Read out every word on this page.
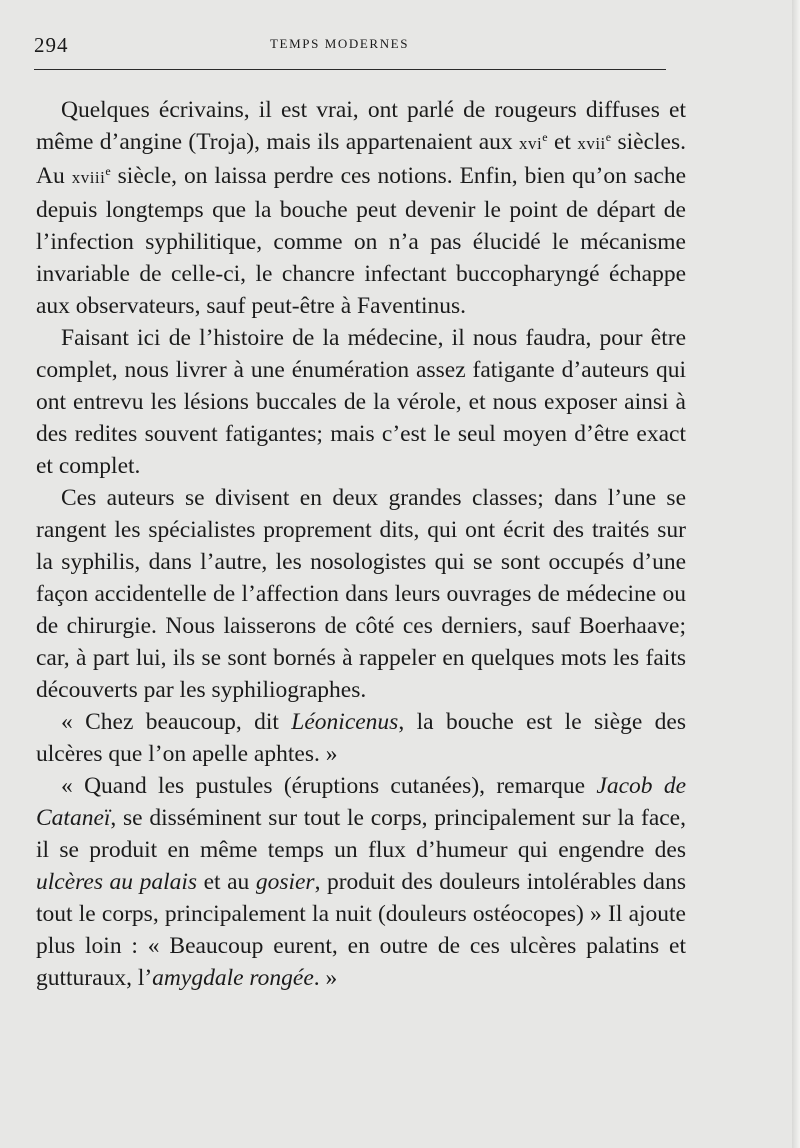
294	TEMPS MODERNES

Quelques écrivains, il est vrai, ont parlé de rougeurs diffuses et même d’angine (Troja), mais ils appartenaient aux xvi$^e$ et xvii$^e$ siècles. Au xviii$^e$ siècle, on laissa perdre ces notions. Enfin, bien qu’on sache depuis longtemps que la bouche peut devenir le point de départ de l’infection syphilitique, comme on n’a pas élucidé le mécanisme invariable de celle-ci, le chancre infectant buccopharyngé échappe aux observateurs, sauf peut-être à Faventinus.

Faisant ici de l’histoire de la médecine, il nous faudra, pour être complet, nous livrer à une énumération assez fatigante d’auteurs qui ont entrevu les lésions buccales de la vérole, et nous exposer ainsi à des redites souvent fatigantes; mais c’est le seul moyen d’être exact et complet.

Ces auteurs se divisent en deux grandes classes; dans l’une se rangent les spécialistes proprement dits, qui ont écrit des traités sur la syphilis, dans l’autre, les nosologistes qui se sont occupés d’une façon accidentelle de l’affection dans leurs ouvrages de médecine ou de chirurgie. Nous laisserons de côté ces derniers, sauf Boerhaave; car, à part lui, ils se sont bornés à rappeler en quelques mots les faits découverts par les syphiliographes.

« Chez beaucoup, dit Léonicenus, la bouche est le siège des ulcères que l’on apelle aphtes. »

« Quand les pustules (éruptions cutanées), remarque Jacob de Cataneï, se disséminent sur tout le corps, principalement sur la face, il se produit en même temps un flux d’humeur qui engendre des ulcères au palais et au gosier, produit des douleurs intolérables dans tout le corps, principalement la nuit (douleurs ostéocopes) » Il ajoute plus loin : « Beaucoup eurent, en outre de ces ulcères palatins et gutturaux, l’amygdale rongée. »
